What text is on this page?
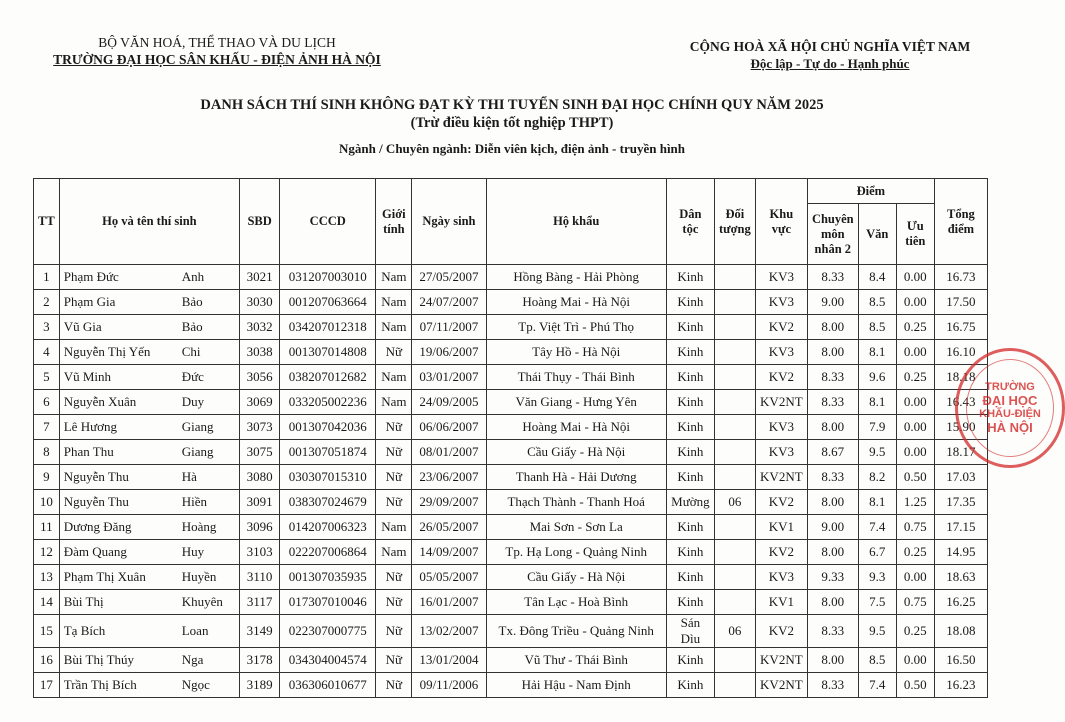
BỘ VĂN HOÁ, THỂ THAO VÀ DU LỊCH
TRƯỜNG ĐẠI HỌC SÂN KHẤU - ĐIỆN ẢNH HÀ NỘI
CỘNG HOÀ XÃ HỘI CHỦ NGHĨA VIỆT NAM
Độc lập - Tự do - Hạnh phúc
DANH SÁCH THÍ SINH KHÔNG ĐẠT KỲ THI TUYỂN SINH ĐẠI HỌC CHÍNH QUY NĂM 2025
(Trừ điều kiện tốt nghiệp THPT)
Ngành / Chuyên ngành: Diễn viên kịch, điện ảnh - truyền hình
TT	Họ và tên thí sinh	SBD	CCCD	Giới tính	Ngày sinh	Hộ khẩu	Dân tộc	Đối tượng	Khu vực	Điểm			Tổng điểm
										Chuyên môn nhân 2	Văn	Ưu tiên	
1	Phạm Đức Anh	3021	031207003010	Nam	27/05/2007	Hồng Bàng - Hải Phòng	Kinh		KV3	8.33	8.4	0.00	16.73
2	Phạm Gia Bảo	3030	001207063664	Nam	24/07/2007	Hoàng Mai - Hà Nội	Kinh		KV3	9.00	8.5	0.00	17.50
3	Vũ Gia Bảo	3032	034207012318	Nam	07/11/2007	Tp. Việt Trì - Phú Thọ	Kinh		KV2	8.00	8.5	0.25	16.75
4	Nguyễn Thị Yến Chi	3038	001307014808	Nữ	19/06/2007	Tây Hồ - Hà Nội	Kinh		KV3	8.00	8.1	0.00	16.10
5	Vũ Minh Đức	3056	038207012682	Nam	03/01/2007	Thái Thụy - Thái Bình	Kinh		KV2	8.33	9.6	0.25	18.18
6	Nguyễn Xuân Duy	3069	033205002236	Nam	24/09/2005	Văn Giang - Hưng Yên	Kinh		KV2NT	8.33	8.1	0.00	16.43
7	Lê Hương Giang	3073	001307042036	Nữ	06/06/2007	Hoàng Mai - Hà Nội	Kinh		KV3	8.00	7.9	0.00	15.90
8	Phan Thu Giang	3075	001307051874	Nữ	08/01/2007	Cầu Giấy - Hà Nội	Kinh		KV3	8.67	9.5	0.00	18.17
9	Nguyễn Thu Hà	3080	030307015310	Nữ	23/06/2007	Thanh Hà - Hải Dương	Kinh		KV2NT	8.33	8.2	0.50	17.03
10	Nguyễn Thu Hiền	3091	038307024679	Nữ	29/09/2007	Thạch Thành - Thanh Hoá	Mường	06	KV2	8.00	8.1	1.25	17.35
11	Dương Đăng Hoàng	3096	014207006323	Nam	26/05/2007	Mai Sơn - Sơn La	Kinh		KV1	9.00	7.4	0.75	17.15
12	Đàm Quang Huy	3103	022207006864	Nam	14/09/2007	Tp. Hạ Long - Quảng Ninh	Kinh		KV2	8.00	6.7	0.25	14.95
13	Phạm Thị Xuân Huyền	3110	001307035935	Nữ	05/05/2007	Cầu Giấy - Hà Nội	Kinh		KV3	9.33	9.3	0.00	18.63
14	Bùi Thị Khuyên	3117	017307010046	Nữ	16/01/2007	Tân Lạc - Hoà Bình	Kinh		KV1	8.00	7.5	0.75	16.25
15	Tạ Bích Loan	3149	022307000775	Nữ	13/02/2007	Tx. Đông Triều - Quảng Ninh	Sán Dìu	06	KV2	8.33	9.5	0.25	18.08
16	Bùi Thị Thúy Nga	3178	034304004574	Nữ	13/01/2004	Vũ Thư - Thái Bình	Kinh		KV2NT	8.00	8.5	0.00	16.50
17	Trần Thị Bích Ngọc	3189	036306010677	Nữ	09/11/2006	Hải Hậu - Nam Định	Kinh		KV2NT	8.33	7.4	0.50	16.23
TRƯỜNG
ĐẠI HỌC
KHẤU-ĐIỆN
HÀ NỘI
